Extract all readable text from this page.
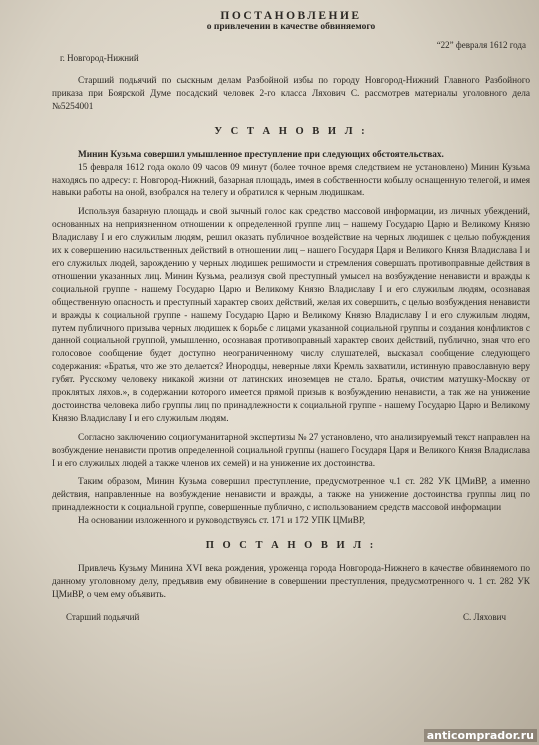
ПОСТАНОВЛЕНИЕ
о привлечении в качестве обвиняемого
“22” февраля 1612 года
г. Новгород-Нижний

Старший подьячий по сыскным делам Разбойной избы по городу Новгород-Нижний Главного Разбойного приказа при Боярской Думе посадский человек 2-го класса Ляхович С. рассмотрев материалы уголовного дела №5254001

У С Т А Н О В И Л :

Минин Кузьма совершил умышленное преступление при следующих обстоятельствах.

15 февраля 1612 года около 09 часов 09 минут (более точное время следствием не установлено) Минин Кузьма находясь по адресу: г. Новгород-Нижний, базарная площадь, имея в собственности кобылу оснащенную телегой, и имея навыки работы на оной, взобрался на телегу и обратился к черным людишкам.

Используя базарную площадь и свой зычный голос как средство массовой информации, из личных убеждений, основанных на неприязненном отношении к определенной группе лиц – нашему Государю Царю и Великому Князю Владиславу I и его служилым людям, решил оказать публичное воздействие на черных людишек с целью побуждения их к совершению насильственных действий в отношении лиц – нашего Государя Царя и Великого Князя Владислава I и его служилых людей, зарождению у черных людишек решимости и стремления совершать противоправные действия в отношении указанных лиц. Минин Кузьма, реализуя свой преступный умысел на возбуждение ненависти и вражды к социальной группе - нашему Государю Царю и Великому Князю Владиславу I и его служилым людям, осознавая общественную опасность и преступный характер своих действий, желая их совершить, с целью возбуждения ненависти и вражды к социальной группе - нашему Государю Царю и Великому Князю Владиславу I и его служилым людям, путем публичного призыва черных людишек к борьбе с лицами указанной социальной группы и создания конфликтов с данной социальной группой, умышленно, осознавая противоправный характер своих действий, публично, зная что его голосовое сообщение будет доступно неограниченному числу слушателей, высказал сообщение следующего содержания: «Братья, что же это делается? Инородцы, неверные ляхи Кремль захватили, истинную православную веру губят. Русскому человеку никакой жизни от латинских иноземцев не стало. Братья, очистим матушку-Москву от проклятых ляхов.», в содержании которого имеется прямой призыв к возбуждению ненависти, а так же на унижение достоинства человека либо группы лиц по принадлежности к социальной группе - нашему Государю Царю и Великому Князю Владиславу I и его служилым людям.

Согласно заключению социогуманитарной экспертизы № 27 установлено, что анализируемый текст направлен на возбуждение ненависти против определенной социальной группы (нашего Государя Царя и Великого Князя Владислава I и его служилых людей а также членов их семей) и на унижение их достоинства.

Таким образом, Минин Кузьма совершил преступление, предусмотренное ч.1 ст. 282 УК ЦМиВР, а именно действия, направленные на возбуждение ненависти и вражды, а также на унижение достоинства группы лиц по принадлежности к социальной группе, совершенные публично, с использованием средств массовой информации

На основании изложенного и руководствуясь ст. 171 и 172 УПК ЦМиВР,

П О С Т А Н О В И Л :

Привлечь Кузьму Минина XVI века рождения, уроженца города Новгорода-Нижнего в качестве обвиняемого по данному уголовному делу, предъявив ему обвинение в совершении преступления, предусмотренного ч. 1 ст. 282 УК ЦМиВР, о чем ему объявить.

Старший подьячий	С. Ляхович
anticomprador.ru
